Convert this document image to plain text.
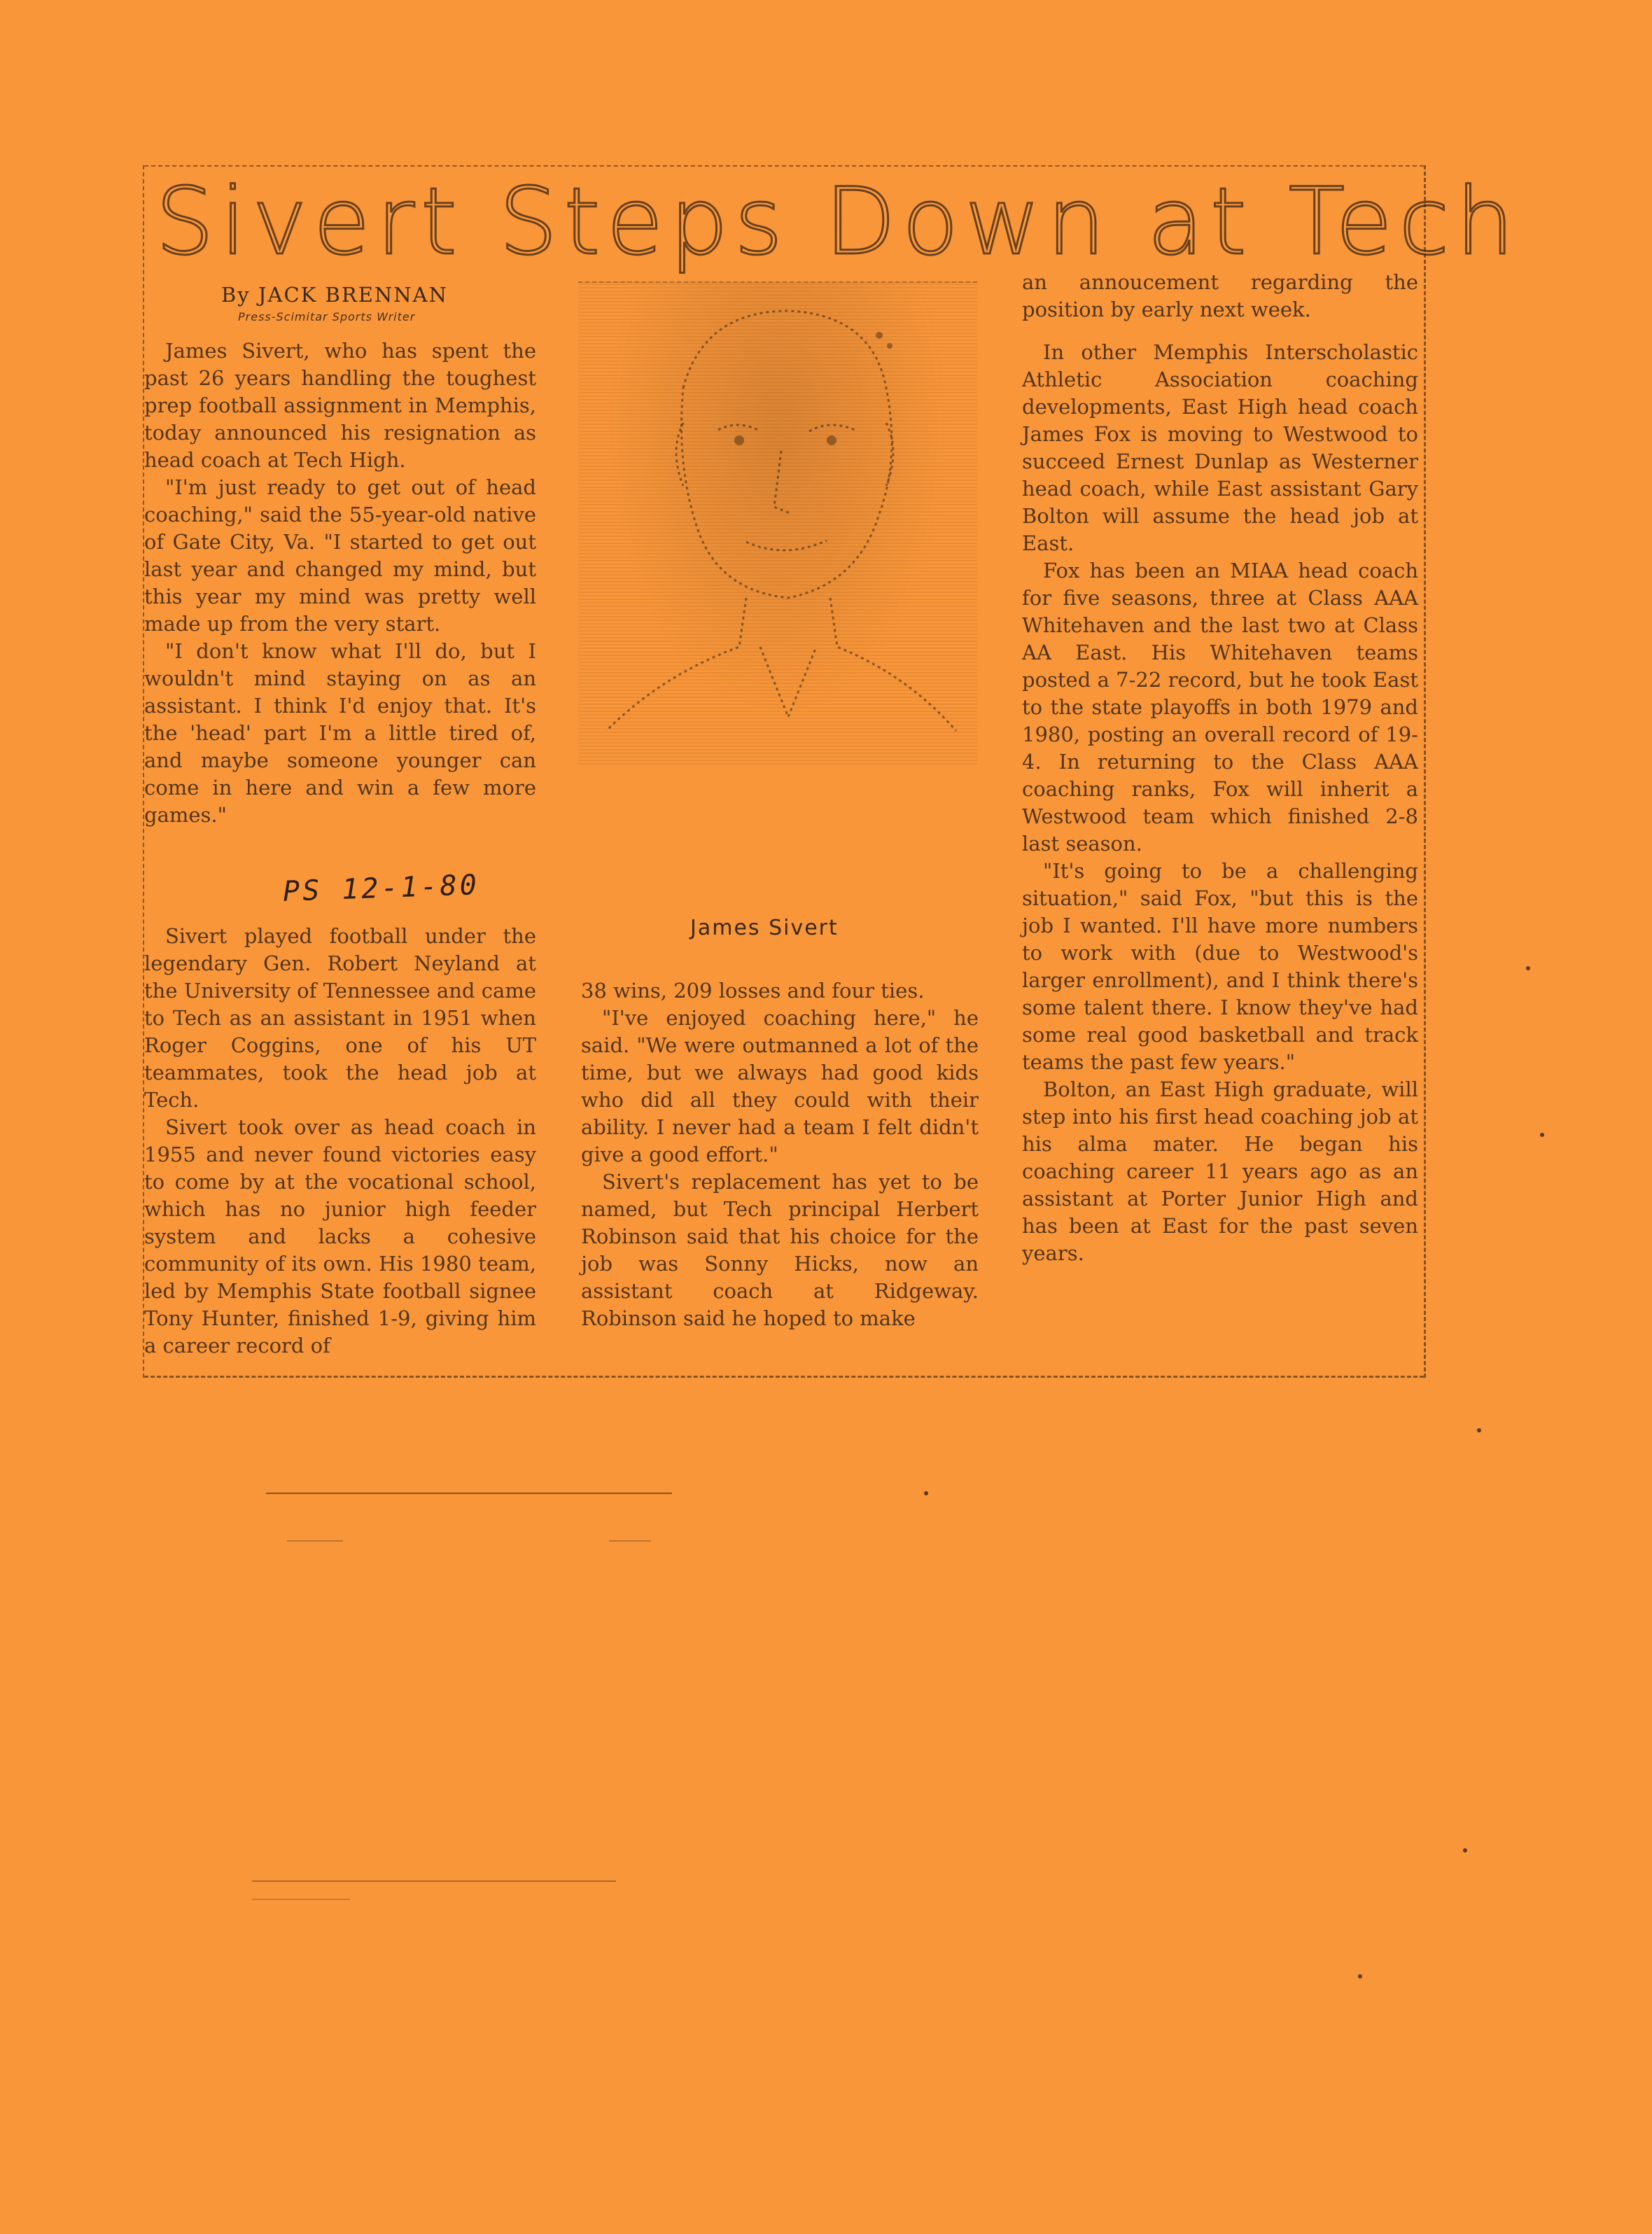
Sivert Steps Down at Tech
By JACK BRENNAN
Press-Scimitar Sports Writer

James Sivert, who has spent the past 26 years handling the toughest prep football assignment in Memphis, today announced his resignation as head coach at Tech High.

"I'm just ready to get out of head coaching," said the 55-year-old native of Gate City, Va. "I started to get out last year and changed my mind, but this year my mind was pretty well made up from the very start.

"I don't know what I'll do, but I wouldn't mind staying on as an assistant. I think I'd enjoy that. It's the 'head' part I'm a little tired of, and maybe someone younger can come in here and win a few more games."

PS 12-1-80

Sivert played football under the legendary Gen. Robert Neyland at the University of Tennessee and came to Tech as an assistant in 1951 when Roger Coggins, one of his UT teammates, took the head job at Tech.

Sivert took over as head coach in 1955 and never found victories easy to come by at the vocational school, which has no junior high feeder system and lacks a cohesive community of its own. His 1980 team, led by Memphis State football signee Tony Hunter, finished 1-9, giving him a career record of

James Sivert

38 wins, 209 losses and four ties.

"I've enjoyed coaching here," he said. "We were outmanned a lot of the time, but we always had good kids who did all they could with their ability. I never had a team I felt didn't give a good effort."

Sivert's replacement has yet to be named, but Tech principal Herbert Robinson said that his choice for the job was Sonny Hicks, now an assistant coach at Ridgeway. Robinson said he hoped to make

an annoucement regarding the position by early next week.

In other Memphis Interscholastic Athletic Association coaching developments, East High head coach James Fox is moving to Westwood to succeed Ernest Dunlap as Westerner head coach, while East assistant Gary Bolton will assume the head job at East.

Fox has been an MIAA head coach for five seasons, three at Class AAA Whitehaven and the last two at Class AA East. His Whitehaven teams posted a 7-22 record, but he took East to the state playoffs in both 1979 and 1980, posting an overall record of 19-4. In returning to the Class AAA coaching ranks, Fox will inherit a Westwood team which finished 2-8 last season.

"It's going to be a challenging situation," said Fox, "but this is the job I wanted. I'll have more numbers to work with (due to Westwood's larger enrollment), and I think there's some talent there. I know they've had some real good basketball and track teams the past few years."

Bolton, an East High graduate, will step into his first head coaching job at his alma mater. He began his coaching career 11 years ago as an assistant at Porter Junior High and has been at East for the past seven years.
